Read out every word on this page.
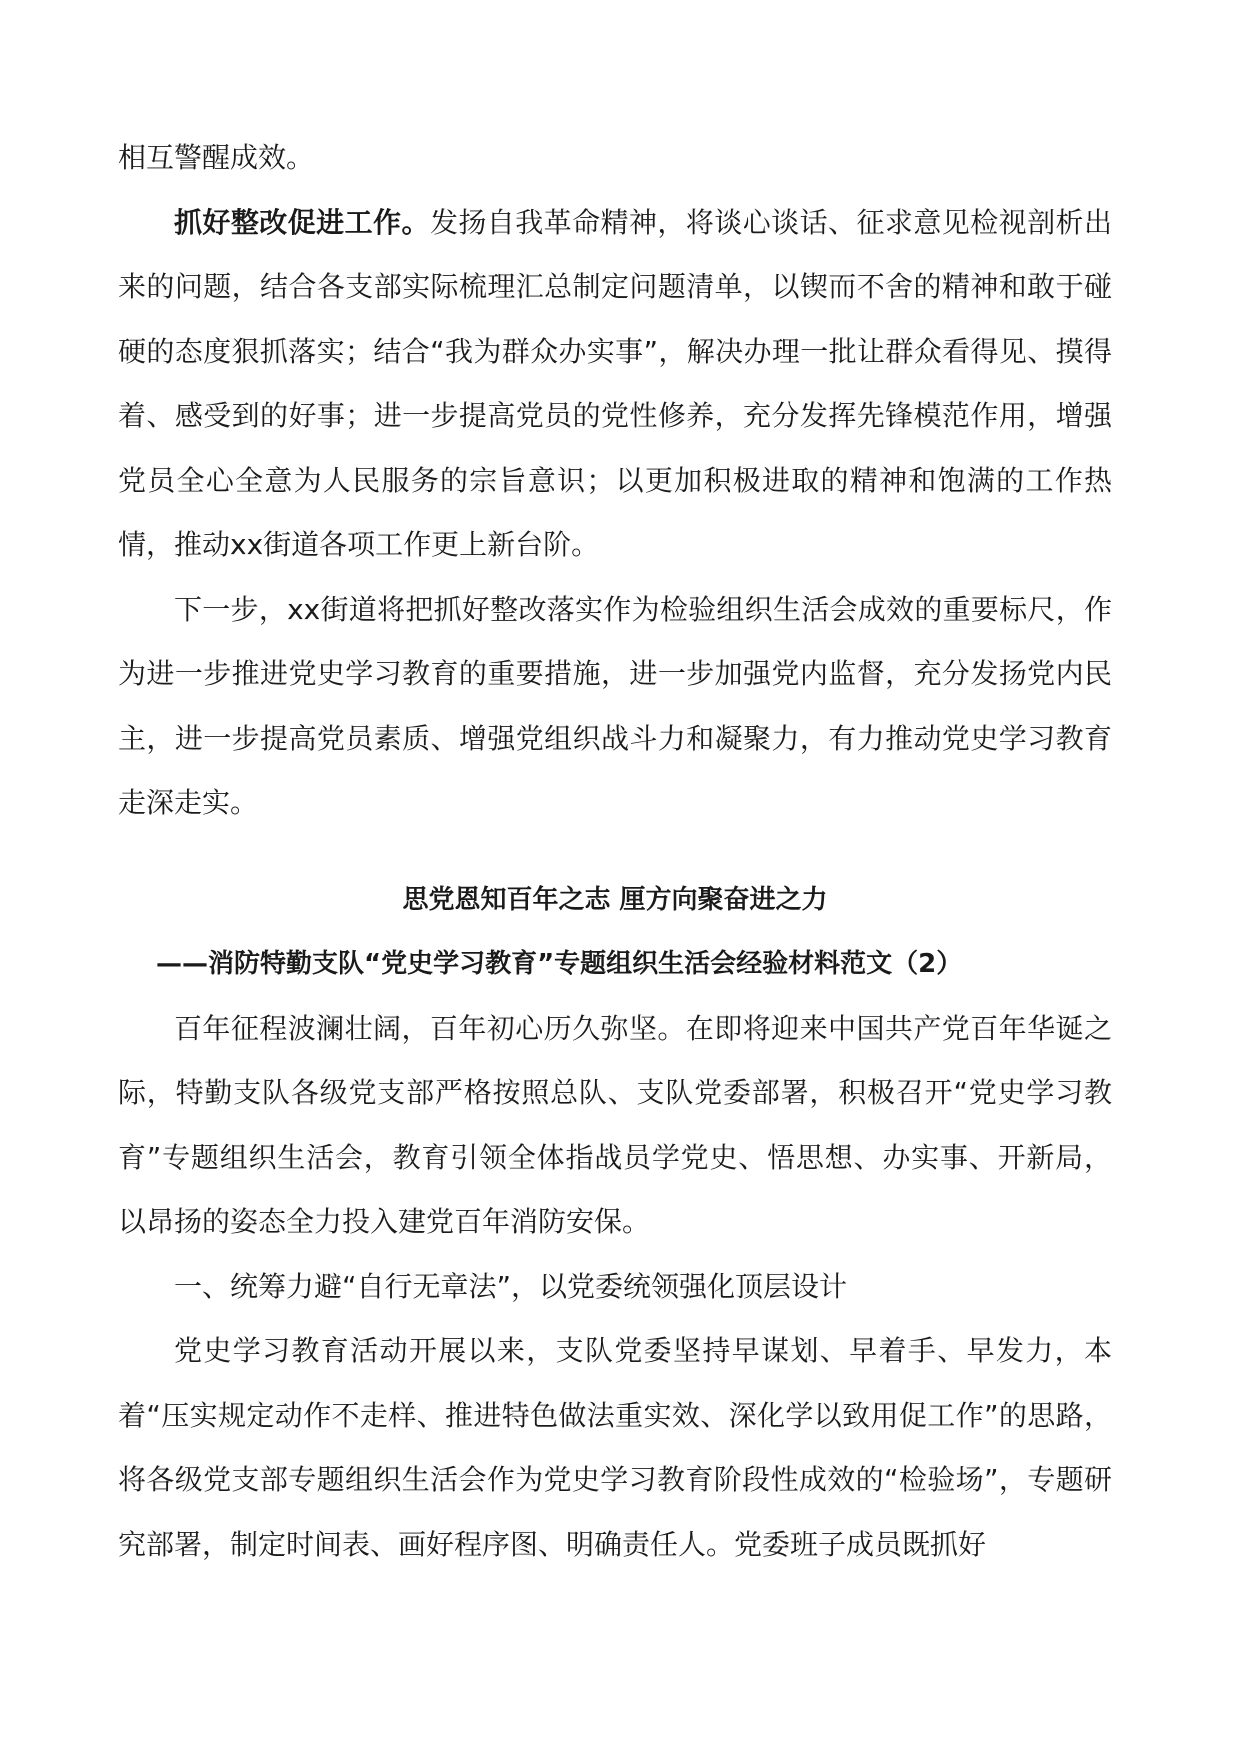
相互警醒成效。

抓好整改促进工作。发扬自我革命精神，将谈心谈话、征求意见检视剖析出来的问题，结合各支部实际梳理汇总制定问题清单，以锲而不舍的精神和敢于碰硬的态度狠抓落实；结合“我为群众办实事”，解决办理一批让群众看得见、摸得着、感受到的好事；进一步提高党员的党性修养，充分发挥先锋模范作用，增强党员全心全意为人民服务的宗旨意识；以更加积极进取的精神和饱满的工作热情，推动xx街道各项工作更上新台阶。

下一步，xx街道将把抓好整改落实作为检验组织生活会成效的重要标尺，作为进一步推进党史学习教育的重要措施，进一步加强党内监督，充分发扬党内民主，进一步提高党员素质、增强党组织战斗力和凝聚力，有力推动党史学习教育走深走实。

思党恩知百年之志 厘方向聚奋进之力

——消防特勤支队“党史学习教育”专题组织生活会经验材料范文（2）

百年征程波澜壮阔，百年初心历久弥坚。在即将迎来中国共产党百年华诞之际，特勤支队各级党支部严格按照总队、支队党委部署，积极召开“党史学习教育”专题组织生活会，教育引领全体指战员学党史、悟思想、办实事、开新局，以昂扬的姿态全力投入建党百年消防安保。

一、统筹力避“自行无章法”，以党委统领强化顶层设计

党史学习教育活动开展以来，支队党委坚持早谋划、早着手、早发力，本着“压实规定动作不走样、推进特色做法重实效、深化学以致用促工作”的思路，将各级党支部专题组织生活会作为党史学习教育阶段性成效的“检验场”，专题研究部署，制定时间表、画好程序图、明确责任人。党委班子成员既抓好
